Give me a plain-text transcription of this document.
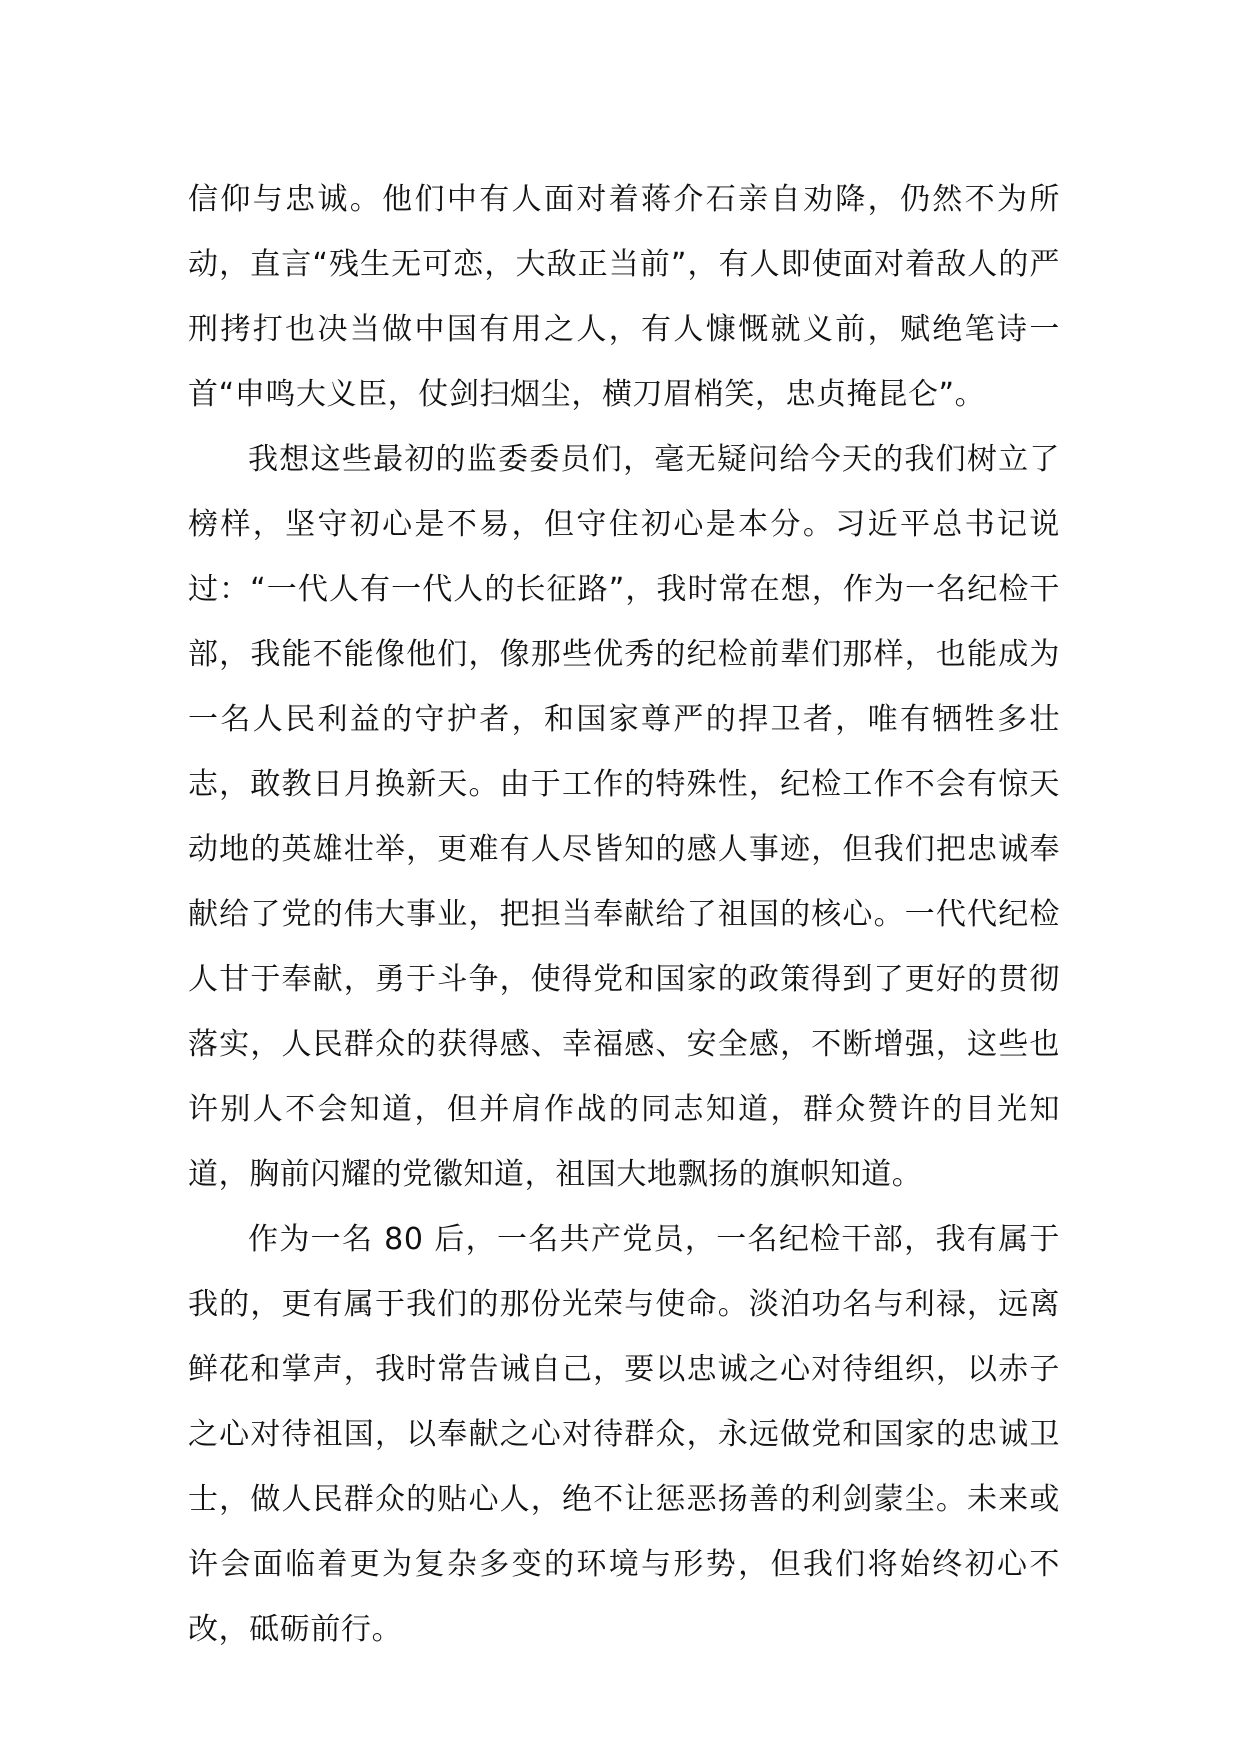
信仰与忠诚。他们中有人面对着蒋介石亲自劝降，仍然不为所动，直言“残生无可恋，大敌正当前”，有人即使面对着敌人的严刑拷打也决当做中国有用之人，有人慷慨就义前，赋绝笔诗一首“申鸣大义臣，仗剑扫烟尘，横刀眉梢笑，忠贞掩昆仑”。

我想这些最初的监委委员们，毫无疑问给今天的我们树立了榜样，坚守初心是不易，但守住初心是本分。习近平总书记说过：“一代人有一代人的长征路”，我时常在想，作为一名纪检干部，我能不能像他们，像那些优秀的纪检前辈们那样，也能成为一名人民利益的守护者，和国家尊严的捍卫者，唯有牺牲多壮志，敢教日月换新天。由于工作的特殊性，纪检工作不会有惊天动地的英雄壮举，更难有人尽皆知的感人事迹，但我们把忠诚奉献给了党的伟大事业，把担当奉献给了祖国的核心。一代代纪检人甘于奉献，勇于斗争，使得党和国家的政策得到了更好的贯彻落实，人民群众的获得感、幸福感、安全感，不断增强，这些也许别人不会知道，但并肩作战的同志知道，群众赞许的目光知道，胸前闪耀的党徽知道，祖国大地飘扬的旗帜知道。

作为一名 80 后，一名共产党员，一名纪检干部，我有属于我的，更有属于我们的那份光荣与使命。淡泊功名与利禄，远离鲜花和掌声，我时常告诫自己，要以忠诚之心对待组织，以赤子之心对待祖国，以奉献之心对待群众，永远做党和国家的忠诚卫士，做人民群众的贴心人，绝不让惩恶扬善的利剑蒙尘。未来或许会面临着更为复杂多变的环境与形势，但我们将始终初心不改，砥砺前行。
